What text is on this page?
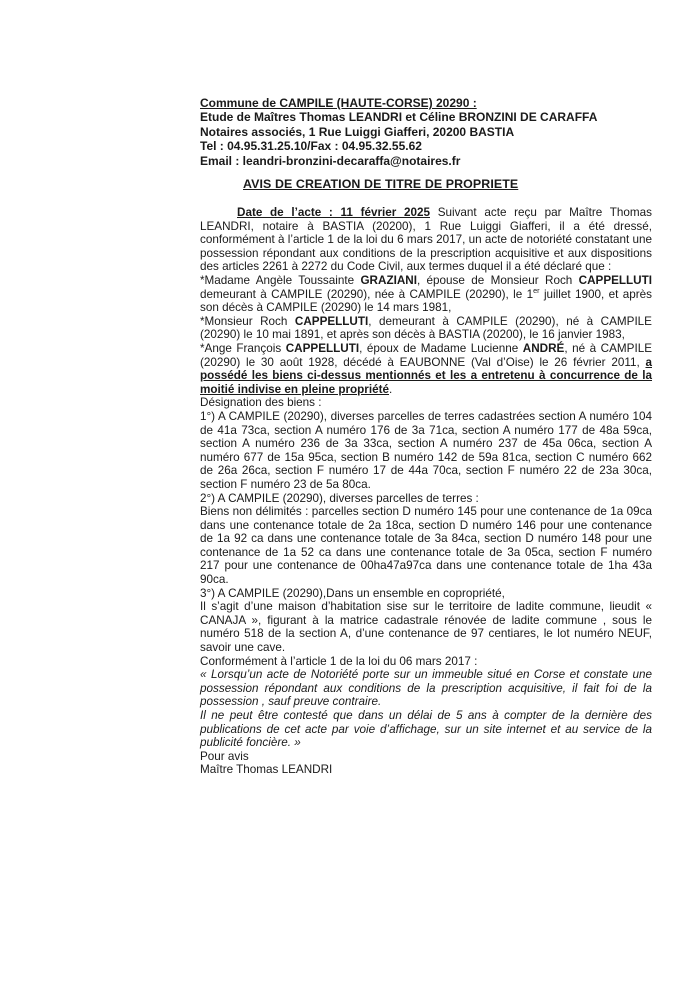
Commune de CAMPILE (HAUTE-CORSE) 20290 :
Etude de Maîtres Thomas LEANDRI et Céline BRONZINI DE CARAFFA
Notaires associés, 1 Rue Luiggi Giafferi, 20200 BASTIA
Tel : 04.95.31.25.10/Fax : 04.95.32.55.62
Email : leandri-bronzini-decaraffa@notaires.fr
AVIS DE CREATION DE TITRE DE PROPRIETE

Date de l’acte : 11 février 2025 Suivant acte reçu par Maître Thomas LEANDRI, notaire à BASTIA (20200), 1 Rue Luiggi Giafferi, il a été dressé, conformément à l’article 1 de la loi du 6 mars 2017, un acte de notoriété constatant une possession répondant aux conditions de la prescription acquisitive et aux dispositions des articles 2261 à 2272 du Code Civil, aux termes duquel il a été déclaré que :

*Madame Angèle Toussainte GRAZIANI, épouse de Monsieur Roch CAPPELLUTI demeurant à CAMPILE (20290), née à CAMPILE (20290), le 1er juillet 1900, et après son décès à CAMPILE (20290) le 14 mars 1981,

*Monsieur Roch CAPPELLUTI, demeurant à CAMPILE (20290), né à CAMPILE (20290) le 10 mai 1891, et après son décès à BASTIA (20200), le 16 janvier 1983,

*Ange François CAPPELLUTI, époux de Madame Lucienne ANDRÉ, né à CAMPILE (20290) le 30 août 1928, décédé à EAUBONNE (Val d’Oise) le 26 février 2011, a possédé les biens ci-dessus mentionnés et les a entretenu à concurrence de la moitié indivise en pleine propriété.

Désignation des biens :

1°) A CAMPILE (20290), diverses parcelles de terres cadastrées section A numéro 104 de 41a 73ca, section A numéro 176 de 3a 71ca, section A numéro 177 de 48a 59ca, section A numéro 236 de 3a 33ca, section A numéro 237 de 45a 06ca, section A numéro 677 de 15a 95ca, section B numéro 142 de 59a 81ca, section C numéro 662 de 26a 26ca, section F numéro 17 de 44a 70ca, section F numéro 22 de 23a 30ca, section F numéro 23 de 5a 80ca.

2°) A CAMPILE (20290), diverses parcelles de terres :

Biens non délimités : parcelles section D numéro 145 pour une contenance de 1a 09ca dans une contenance totale de 2a 18ca, section D numéro 146 pour une contenance de 1a 92 ca dans une contenance totale de 3a 84ca, section D numéro 148 pour une contenance de 1a 52 ca dans une contenance totale de 3a 05ca, section F numéro 217 pour une contenance de 00ha47a97ca dans une contenance totale de 1ha 43a 90ca.

3°) A CAMPILE (20290),Dans un ensemble en copropriété,

Il s’agit d’une maison d’habitation sise sur le territoire de ladite commune, lieudit « CANAJA », figurant à la matrice cadastrale rénovée de ladite commune , sous le numéro 518 de la section A, d’une contenance de 97 centiares, le lot numéro NEUF, savoir une cave.

Conformément à l’article 1 de la loi du 06 mars 2017 :

« Lorsqu’un acte de Notoriété porte sur un immeuble situé en Corse et constate une possession répondant aux conditions de la prescription acquisitive, il fait foi de la possession , sauf preuve contraire.

Il ne peut être contesté que dans un délai de 5 ans à compter de la dernière des publications de cet acte par voie d’affichage, sur un site internet et au service de la publicité foncière. »

Pour avis

Maître Thomas LEANDRI
